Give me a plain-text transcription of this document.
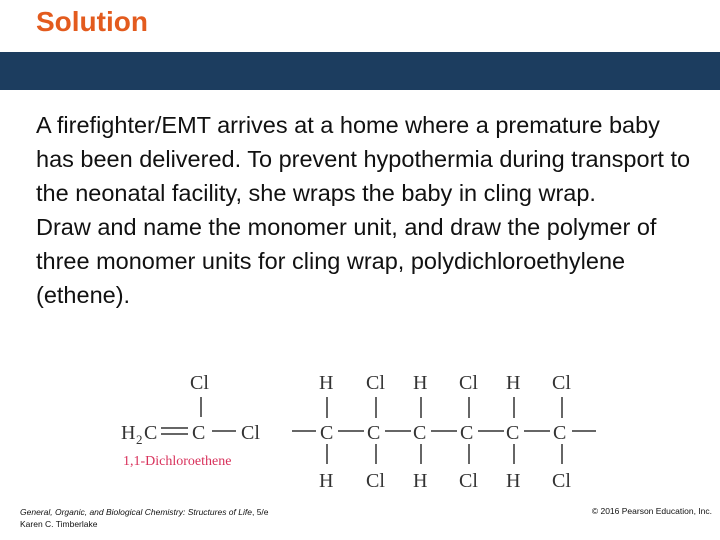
Solution

A firefighter/EMT arrives at a home where a premature baby has been delivered. To prevent hypothermia during transport to the neonatal facility, she wraps the baby in cling wrap.

Draw and name the monomer unit, and draw the polymer of three monomer units for cling wrap, polydichloroethylene (ethene).

Cl
H 2 C C Cl
1,1-Dichloroethene
H Cl H Cl H Cl
C C C C C C
H Cl H Cl H Cl
General, Organic, and Biological Chemistry: Structures of Life, 5/e
Karen C. Timberlake
© 2016 Pearson Education, Inc.
